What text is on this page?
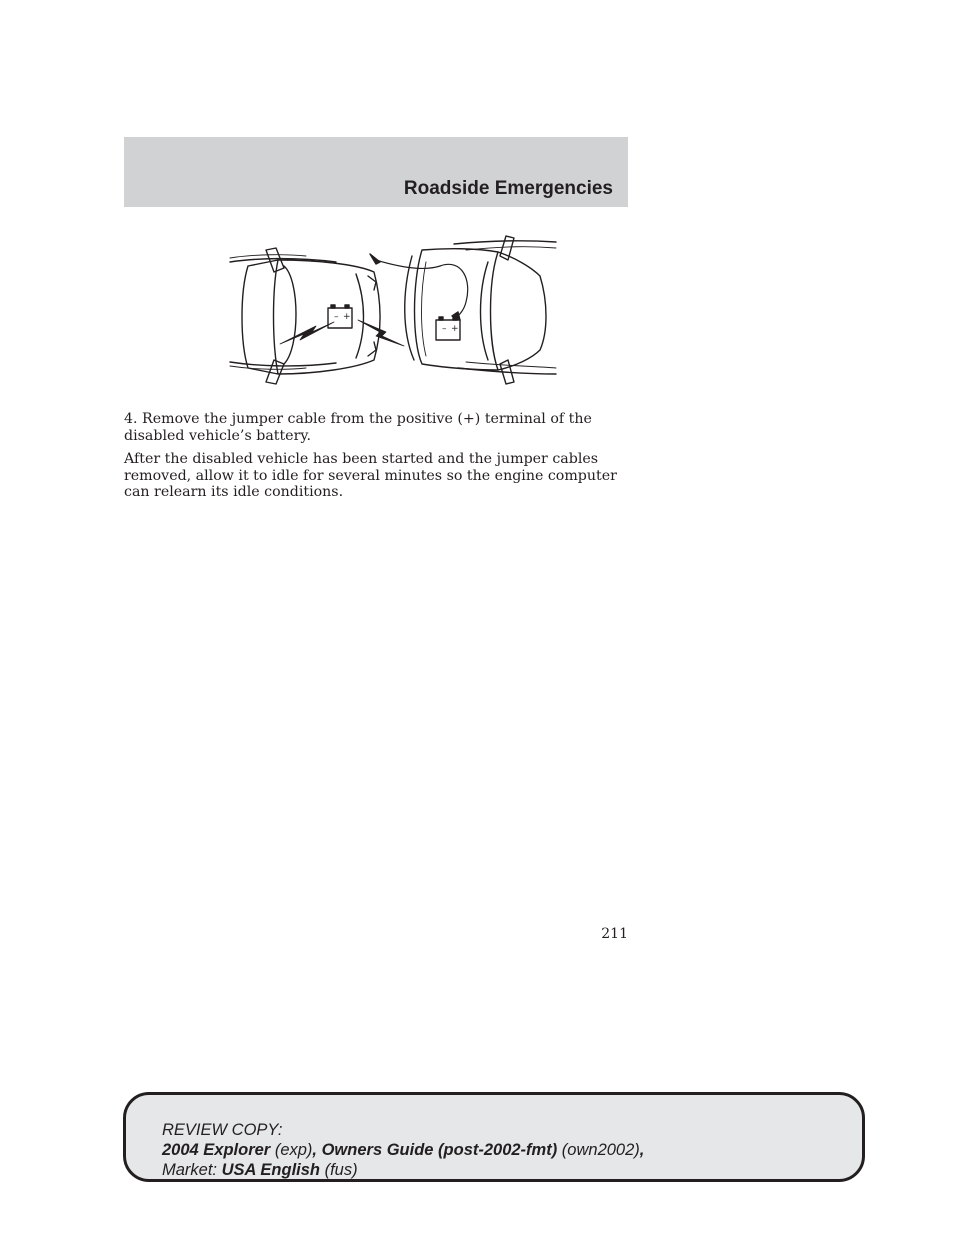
Roadside Emergencies
– +
– +

4. Remove the jumper cable from the positive (+) terminal of the disabled vehicle’s battery.

After the disabled vehicle has been started and the jumper cables removed, allow it to idle for several minutes so the engine computer can relearn its idle conditions.

211
REVIEW COPY:
2004 Explorer (exp), Owners Guide (post-2002-fmt) (own2002),
Market: USA English (fus)
